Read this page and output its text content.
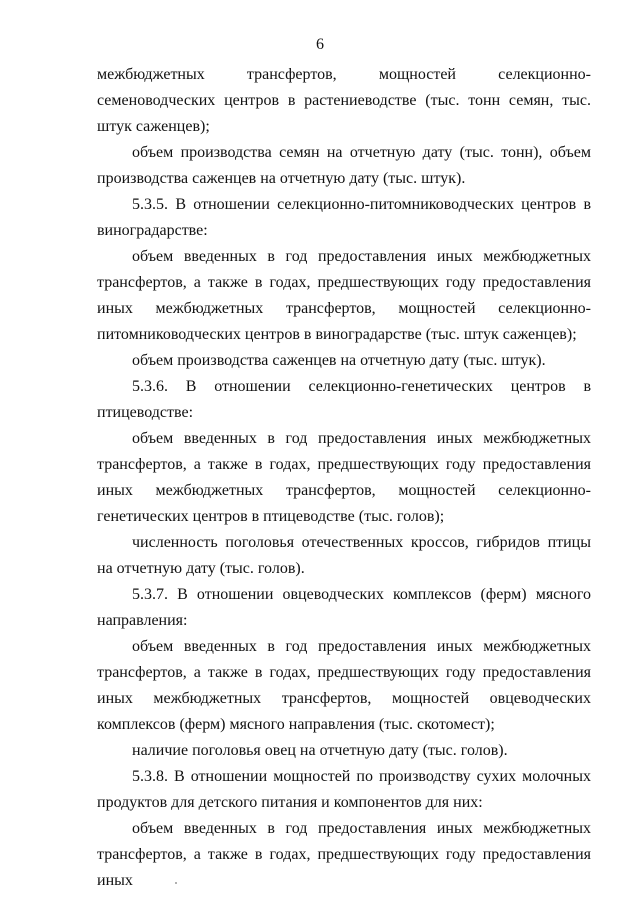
6

межбюджетных трансфертов, мощностей селекционно-семеноводческих центров в растениеводстве (тыс. тонн семян, тыс. штук саженцев);

объем производства семян на отчетную дату (тыс. тонн), объем производства саженцев на отчетную дату (тыс. штук).

5.3.5. В отношении селекционно-питомниководческих центров в виноградарстве:

объем введенных в год предоставления иных межбюджетных трансфертов, а также в годах, предшествующих году предоставления иных межбюджетных трансфертов, мощностей селекционно-питомниководческих центров в виноградарстве (тыс. штук саженцев);

объем производства саженцев на отчетную дату (тыс. штук).

5.3.6. В отношении селекционно-генетических центров в птицеводстве:

объем введенных в год предоставления иных межбюджетных трансфертов, а также в годах, предшествующих году предоставления иных межбюджетных трансфертов, мощностей селекционно-генетических центров в птицеводстве (тыс. голов);

численность поголовья отечественных кроссов, гибридов птицы на отчетную дату (тыс. голов).

5.3.7. В отношении овцеводческих комплексов (ферм) мясного направления:

объем введенных в год предоставления иных межбюджетных трансфертов, а также в годах, предшествующих году предоставления иных межбюджетных трансфертов, мощностей овцеводческих комплексов (ферм) мясного направления (тыс. скотомест);

наличие поголовья овец на отчетную дату (тыс. голов).

5.3.8. В отношении мощностей по производству сухих молочных продуктов для детского питания и компонентов для них:

объем введенных в год предоставления иных межбюджетных трансфертов, а также в годах, предшествующих году предоставления иных
